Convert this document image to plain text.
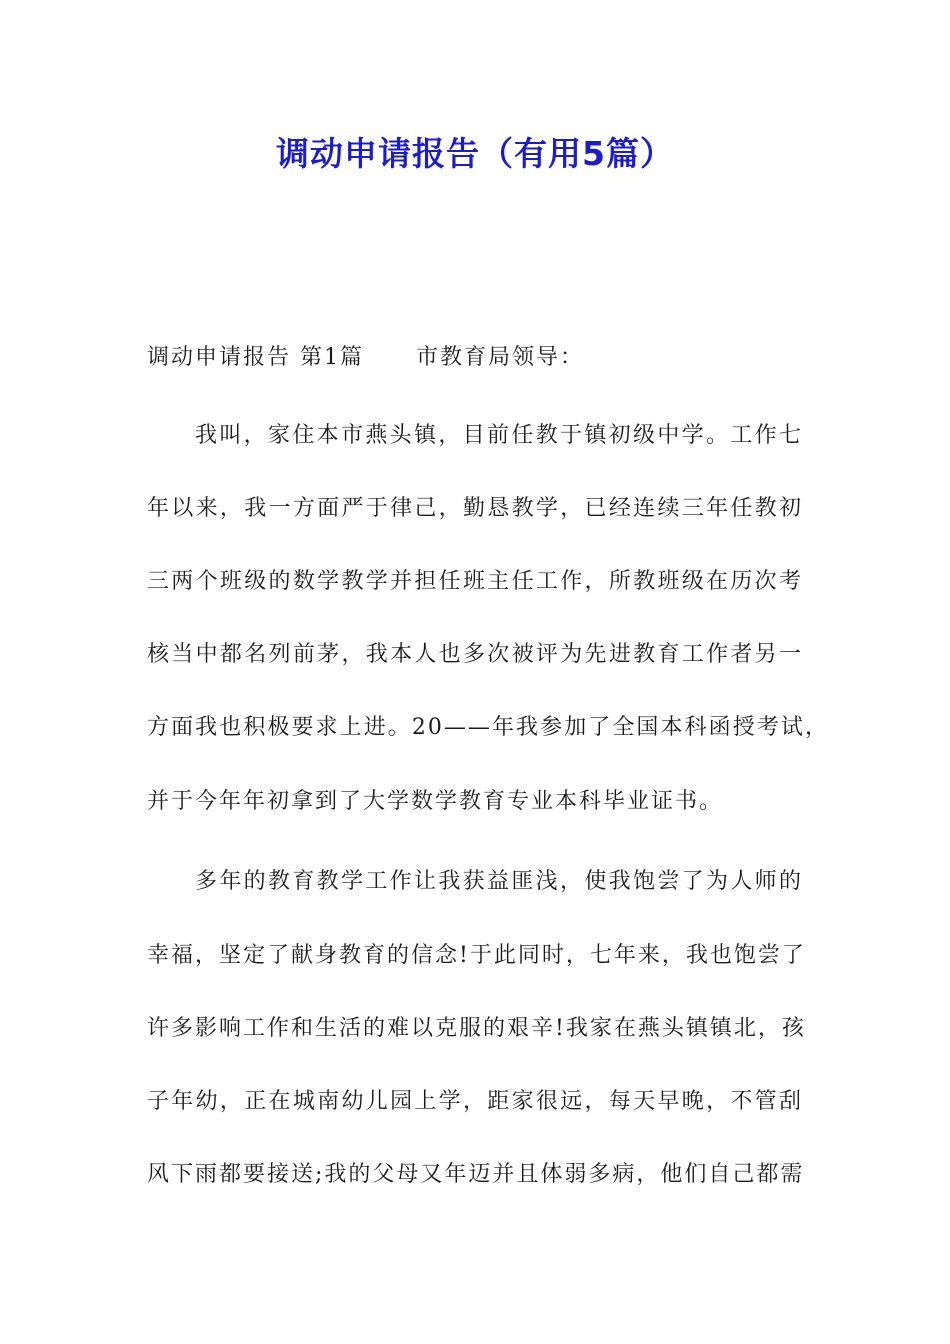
调动申请报告（有用5篇）
调动申请报告 第1篇 市教育局领导：
我叫，家住本市燕头镇，目前任教于镇初级中学。工作七
年以来，我一方面严于律己，勤恳教学，已经连续三年任教初
三两个班级的数学教学并担任班主任工作，所教班级在历次考
核当中都名列前茅，我本人也多次被评为先进教育工作者另一
方面我也积极要求上进。20——年我参加了全国本科函授考试，
并于今年年初拿到了大学数学教育专业本科毕业证书。
多年的教育教学工作让我获益匪浅，使我饱尝了为人师的
幸福，坚定了献身教育的信念!于此同时，七年来，我也饱尝了
许多影响工作和生活的难以克服的艰辛!我家在燕头镇镇北，孩
子年幼，正在城南幼儿园上学，距家很远，每天早晚，不管刮
风下雨都要接送;我的父母又年迈并且体弱多病，他们自己都需
